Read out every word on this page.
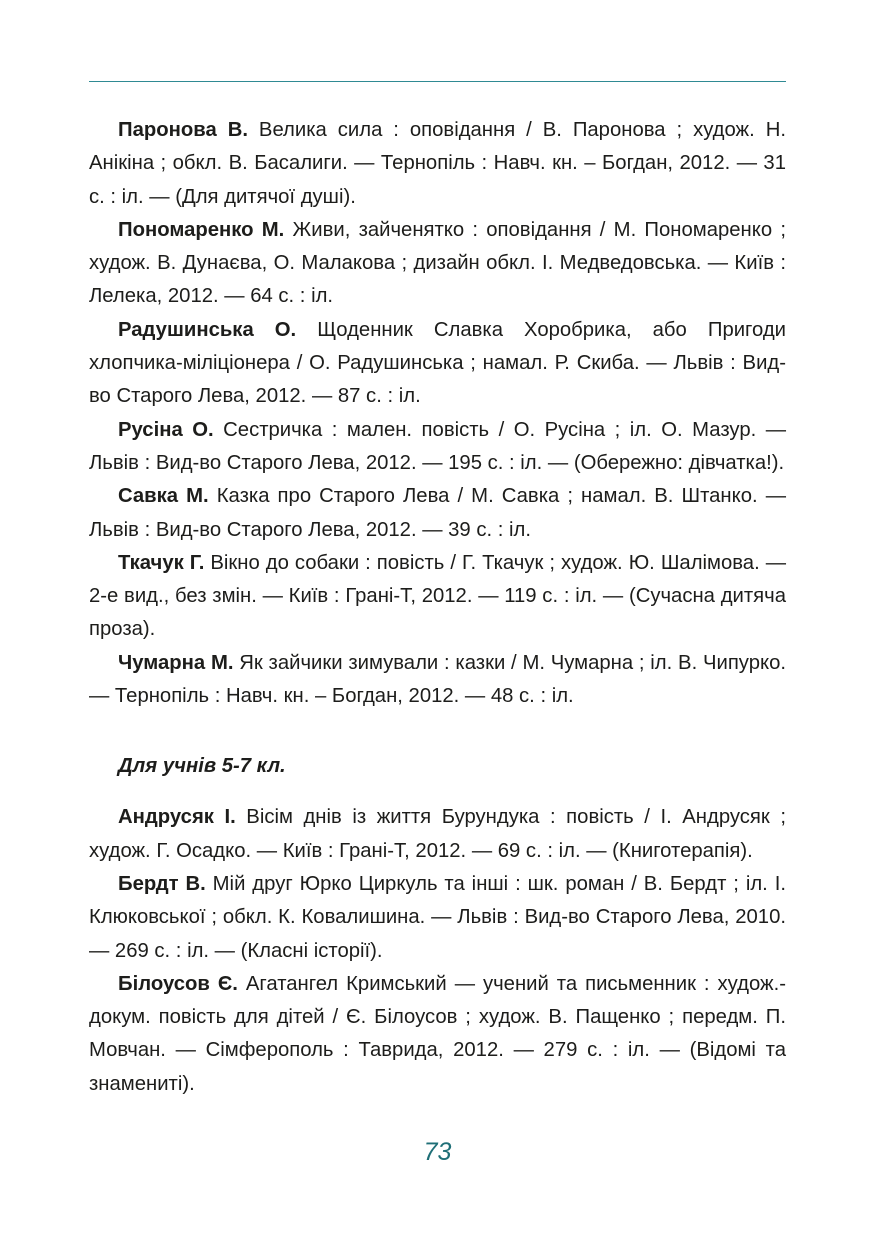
Паронова В. Велика сила : оповідання / В. Паронова ; худож. Н. Анікіна ; обкл. В. Басалиги. — Тернопіль : Навч. кн. – Богдан, 2012. — 31 с. : іл. — (Для дитячої душі).

Пономаренко М. Живи, зайченятко : оповідання / М. Пономаренко ; худож. В. Дунаєва, О. Малакова ; дизайн обкл. І. Медведовська. — Київ : Лелека, 2012. — 64 с. : іл.

Радушинська О. Щоденник Славка Хоробрика, або Пригоди хлопчика-міліціонера / О. Радушинська ; намал. Р. Скиба. — Львів : Вид-во Старого Лева, 2012. — 87 с. : іл.

Русіна О. Сестричка : мален. повість / О. Русіна ; іл. О. Мазур. — Львів : Вид-во Старого Лева, 2012. — 195 с. : іл. — (Обережно: дівчатка!).

Савка М. Казка про Старого Лева / М. Савка ; намал. В. Штанко. — Львів : Вид-во Старого Лева, 2012. — 39 с. : іл.

Ткачук Г. Вікно до собаки : повість / Г. Ткачук ; худож. Ю. Шалімова. — 2-е вид., без змін. — Київ : Грані-Т, 2012. — 119 с. : іл. — (Сучасна дитяча проза).

Чумарна М. Як зайчики зимували : казки / М. Чумарна ; іл. В. Чипурко. — Тернопіль : Навч. кн. – Богдан, 2012. — 48 с. : іл.

Для учнів 5-7 кл.

Андрусяк І. Вісім днів із життя Бурундука : повість / І. Андрусяк ; худож. Г. Осадко. — Київ : Грані-Т, 2012. — 69 с. : іл. — (Книготерапія).

Бердт В. Мій друг Юрко Циркуль та інші : шк. роман / В. Бердт ; іл. І. Клюковської ; обкл. К. Ковалишина. — Львів : Вид-во Старого Лева, 2010. — 269 с. : іл. — (Класні історії).

Білоусов Є. Агатангел Кримський — учений та письменник : худож.-докум. повість для дітей / Є. Білоусов ; худож. В. Пащенко ; передм. П. Мовчан. — Сімферополь : Таврида, 2012. — 279 с. : іл. — (Відомі та знамениті).

73
